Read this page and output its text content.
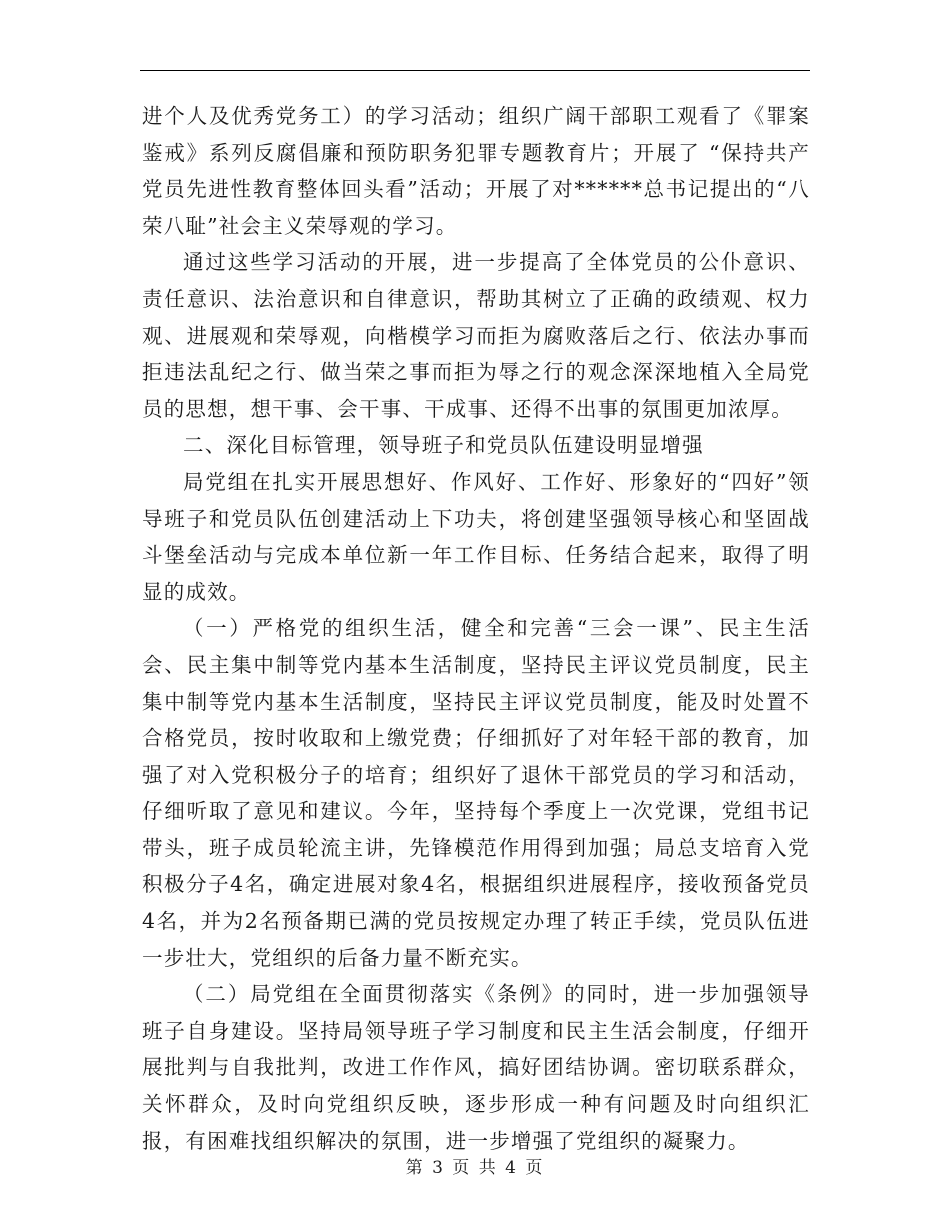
进个人及优秀党务工）的学习活动；组织广阔干部职工观看了《罪案鉴戒》系列反腐倡廉和预防职务犯罪专题教育片；开展了 “保持共产党员先进性教育整体回头看”活动；开展了对******总书记提出的“八荣八耻”社会主义荣辱观的学习。

通过这些学习活动的开展，进一步提高了全体党员的公仆意识、责任意识、法治意识和自律意识，帮助其树立了正确的政绩观、权力观、进展观和荣辱观，向楷模学习而拒为腐败落后之行、依法办事而拒违法乱纪之行、做当荣之事而拒为辱之行的观念深深地植入全局党员的思想，想干事、会干事、干成事、还得不出事的氛围更加浓厚。

二、深化目标管理，领导班子和党员队伍建设明显增强

局党组在扎实开展思想好、作风好、工作好、形象好的“四好”领导班子和党员队伍创建活动上下功夫，将创建坚强领导核心和坚固战斗堡垒活动与完成本单位新一年工作目标、任务结合起来，取得了明显的成效。

（一）严格党的组织生活，健全和完善“三会一课”、民主生活会、民主集中制等党内基本生活制度，坚持民主评议党员制度，民主集中制等党内基本生活制度，坚持民主评议党员制度，能及时处置不合格党员，按时收取和上缴党费；仔细抓好了对年轻干部的教育，加强了对入党积极分子的培育；组织好了退休干部党员的学习和活动，仔细听取了意见和建议。今年，坚持每个季度上一次党课，党组书记带头，班子成员轮流主讲，先锋模范作用得到加强；局总支培育入党积极分子4名，确定进展对象4名，根据组织进展程序，接收预备党员4名，并为2名预备期已满的党员按规定办理了转正手续，党员队伍进一步壮大，党组织的后备力量不断充实。

（二）局党组在全面贯彻落实《条例》的同时，进一步加强领导班子自身建设。坚持局领导班子学习制度和民主生活会制度，仔细开展批判与自我批判，改进工作作风，搞好团结协调。密切联系群众，关怀群众，及时向党组织反映，逐步形成一种有问题及时向组织汇报，有困难找组织解决的氛围，进一步增强了党组织的凝聚力。

第 3 页 共 4 页
